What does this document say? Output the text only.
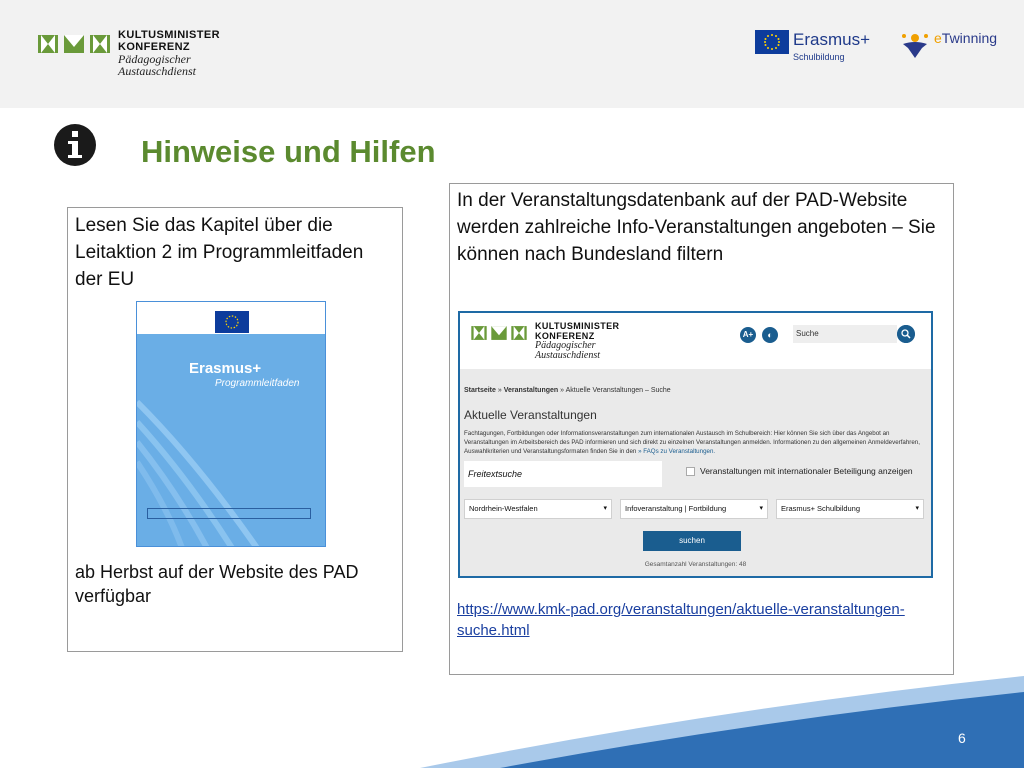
KULTUSMINISTER
KONFERENZ
Pädagogischer
Austauschdienst
Erasmus+
Schulbildung
eTwinning
Hinweise und Hilfen
Lesen Sie das Kapitel über die Leitaktion 2 im Programmleitfaden der EU
Erasmus+
Programmleitfaden
ab Herbst auf der Website des PAD verfügbar
In der Veranstaltungsdatenbank auf der PAD-Website werden zahlreiche Info-Veranstaltungen angeboten – Sie können nach Bundesland filtern
KULTUSMINISTER
KONFERENZ
Pädagogischer
Austauschdienst
A+	◐	Suche
Startseite » Veranstaltungen » Aktuelle Veranstaltungen – Suche
Aktuelle Veranstaltungen
Fachtagungen, Fortbildungen oder Informationsveranstaltungen zum internationalen Austausch im Schulbereich: Hier können Sie sich über das Angebot an Veranstaltungen im Arbeitsbereich des PAD informieren und sich direkt zu einzelnen Veranstaltungen anmelden. Informationen zu den allgemeinen Anmeldeverfahren, Auswahlkriterien und Veranstaltungsformaten finden Sie in den » FAQs zu Veranstaltungen.
Freitextsuche	Veranstaltungen mit internationaler Beteiligung anzeigen
Nordrhein-Westfalen	▾	Infoveranstaltung | Fortbildung	▾	Erasmus+ Schulbildung	▾
suchen
Gesamtanzahl Veranstaltungen: 48
https://www.kmk-pad.org/veranstaltungen/aktuelle-veranstaltungen-suche.html
6
